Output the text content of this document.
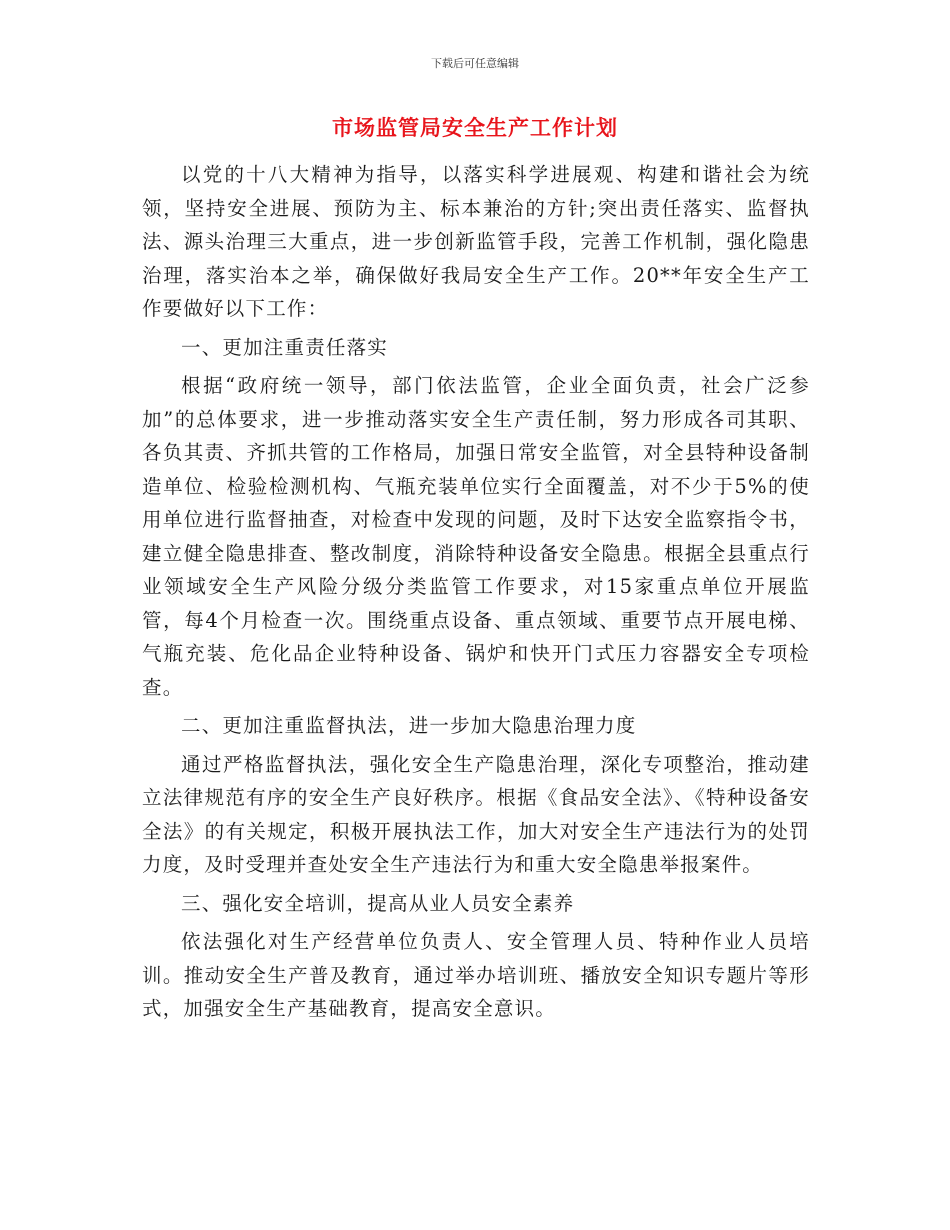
下载后可任意编辑
市场监管局安全生产工作计划

以党的十八大精神为指导，以落实科学进展观、构建和谐社会为统领，坚持安全进展、预防为主、标本兼治的方针;突出责任落实、监督执法、源头治理三大重点，进一步创新监管手段，完善工作机制，强化隐患治理，落实治本之举，确保做好我局安全生产工作。20**年安全生产工作要做好以下工作：

一、更加注重责任落实

根据“政府统一领导，部门依法监管，企业全面负责，社会广泛参加”的总体要求，进一步推动落实安全生产责任制，努力形成各司其职、各负其责、齐抓共管的工作格局，加强日常安全监管，对全县特种设备制造单位、检验检测机构、气瓶充装单位实行全面覆盖，对不少于5%的使用单位进行监督抽查，对检查中发现的问题，及时下达安全监察指令书，建立健全隐患排查、整改制度，消除特种设备安全隐患。根据全县重点行业领域安全生产风险分级分类监管工作要求，对15家重点单位开展监管，每4个月检查一次。围绕重点设备、重点领域、重要节点开展电梯、气瓶充装、危化品企业特种设备、锅炉和快开门式压力容器安全专项检查。

二、更加注重监督执法，进一步加大隐患治理力度

通过严格监督执法，强化安全生产隐患治理，深化专项整治，推动建立法律规范有序的安全生产良好秩序。根据《食品安全法》、《特种设备安全法》的有关规定，积极开展执法工作，加大对安全生产违法行为的处罚力度，及时受理并查处安全生产违法行为和重大安全隐患举报案件。

三、强化安全培训，提高从业人员安全素养

依法强化对生产经营单位负责人、安全管理人员、特种作业人员培训。推动安全生产普及教育，通过举办培训班、播放安全知识专题片等形式，加强安全生产基础教育，提高安全意识。
